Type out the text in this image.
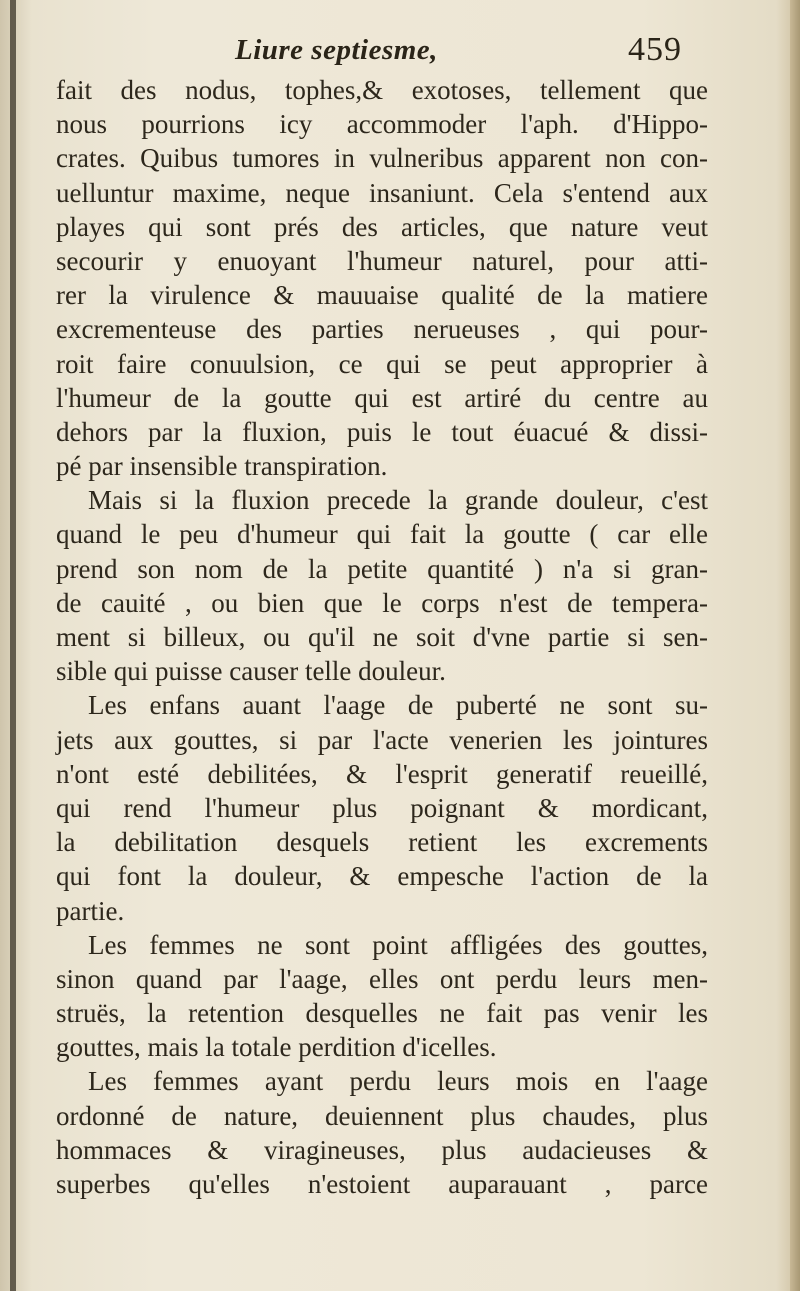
Liure septiesme,	459
fait des nodus, tophes,& exotoses, tellement que
nous pourrions icy accommoder l'aph. d'Hippo-
crates. Quibus tumores in vulneribus apparent non con-
uelluntur maxime, neque insaniunt. Cela s'entend aux
playes qui sont prés des articles, que nature veut
secourir y enuoyant l'humeur naturel, pour atti-
rer la virulence & mauuaise qualité de la matiere
excrementeuse des parties nerueuses , qui pour-
roit faire conuulsion, ce qui se peut approprier à
l'humeur de la goutte qui est artiré du centre au
dehors par la fluxion, puis le tout éuacué & dissi-
pé par insensible transpiration.
Mais si la fluxion precede la grande douleur, c'est
quand le peu d'humeur qui fait la goutte ( car elle
prend son nom de la petite quantité ) n'a si gran-
de cauité , ou bien que le corps n'est de tempera-
ment si billeux, ou qu'il ne soit d'vne partie si sen-
sible qui puisse causer telle douleur.
Les enfans auant l'aage de puberté ne sont su-
jets aux gouttes, si par l'acte venerien les jointures
n'ont esté debilitées, & l'esprit generatif reueillé,
qui rend l'humeur plus poignant & mordicant,
la debilitation desquels retient les excrements
qui font la douleur, & empesche l'action de la
partie.
Les femmes ne sont point affligées des gouttes,
sinon quand par l'aage, elles ont perdu leurs men-
struës, la retention desquelles ne fait pas venir les
gouttes, mais la totale perdition d'icelles.
Les femmes ayant perdu leurs mois en l'aage
ordonné de nature, deuiennent plus chaudes, plus
hommaces & viragineuses, plus audacieuses &
superbes qu'elles n'estoient auparauant , parce
